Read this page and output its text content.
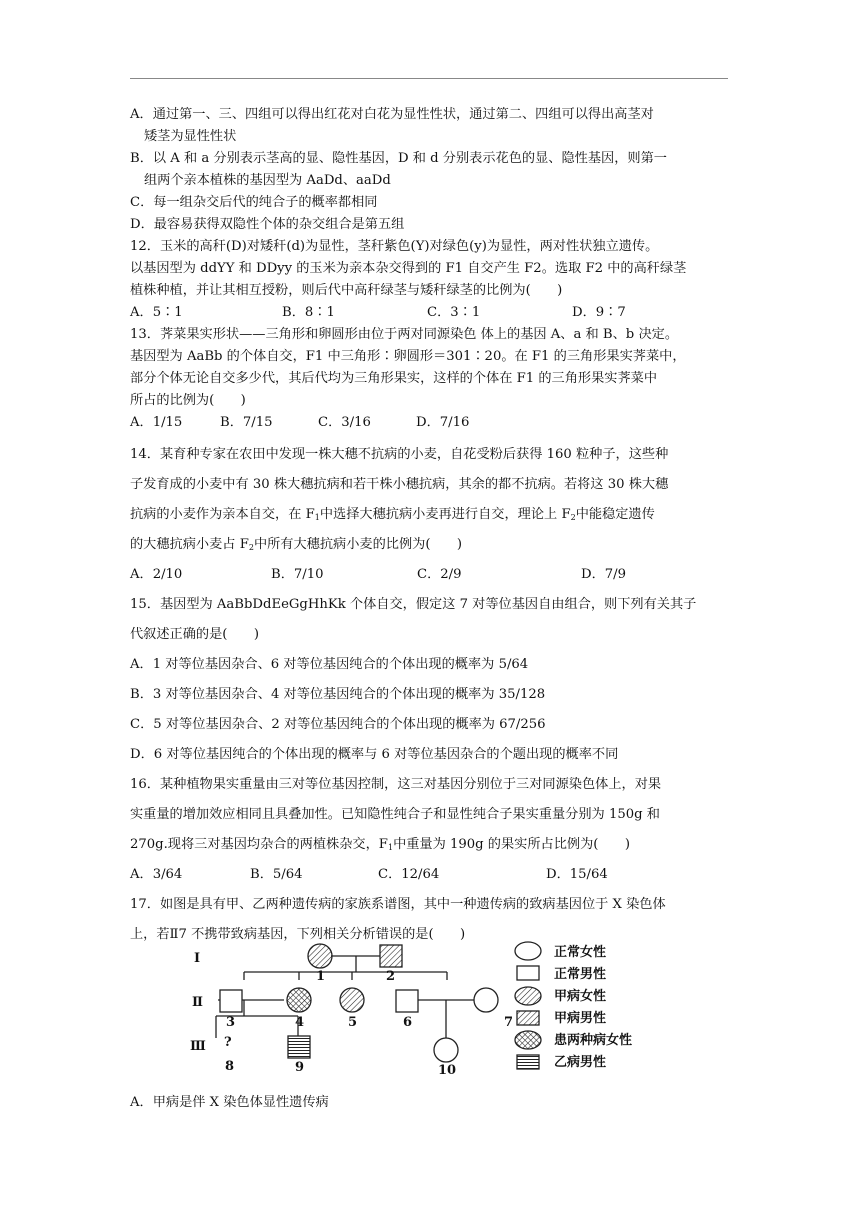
A．通过第一、三、四组可以得出红花对白花为显性性状，通过第二、四组可以得出高茎对
矮茎为显性性状
B．以 A 和 a 分别表示茎高的显、隐性基因，D 和 d 分别表示花色的显、隐性基因，则第一
组两个亲本植株的基因型为 AaDd、aaDd
C．每一组杂交后代的纯合子的概率都相同
D．最容易获得双隐性个体的杂交组合是第五组
12．玉米的高秆(D)对矮秆(d)为显性，茎秆紫色(Y)对绿色(y)为显性，两对性状独立遗传。
以基因型为 ddYY 和 DDyy 的玉米为亲本杂交得到的 F1 自交产生 F2。选取 F2 中的高秆绿茎
植株种植，并让其相互授粉，则后代中高秆绿茎与矮秆绿茎的比例为(　　)
A．5∶1	B．8∶1	C．3∶1	D．9∶7
13．荠菜果实形状——三角形和卵圆形由位于两对同源染色 体上的基因 A、a 和 B、b 决定。
基因型为 AaBb 的个体自交，F1 中三角形∶卵圆形＝301∶20。在 F1 的三角形果实荠菜中，
部分个体无论自交多少代，其后代均为三角形果实，这样的个体在 F1 的三角形果实荠菜中
所占的比例为(　　)
A．1/15	B．7/15	C．3/16	D．7/16
14．某育种专家在农田中发现一株大穗不抗病的小麦，自花受粉后获得 160 粒种子，这些种
子发育成的小麦中有 30 株大穗抗病和若干株小穗抗病，其余的都不抗病。若将这 30 株大穗
抗病的小麦作为亲本自交，在 $F_1$中选择大穗抗病小麦再进行自交，理论上 $F_2$中能稳定遗传
的大穗抗病小麦占 $F_2$中所有大穗抗病小麦的比例为(　　)
A．2/10	B．7/10	C．2/9	D．7/9
15．基因型为 AaBbDdEeGgHhKk 个体自交，假定这 7 对等位基因自由组合，则下列有关其子
代叙述正确的是(　　)
A．1 对等位基因杂合、6 对等位基因纯合的个体出现的概率为 5/64
B．3 对等位基因杂合、4 对等位基因纯合的个体出现的概率为 35/128
C．5 对等位基因杂合、2 对等位基因纯合的个体出现的概率为 67/256
D．6 对等位基因纯合的个体出现的概率与 6 对等位基因杂合的个题出现的概率不同
16．某种植物果实重量由三对等位基因控制，这三对基因分别位于三对同源染色体上，对果
实重量的增加效应相同且具叠加性。已知隐性纯合子和显性纯合子果实重量分别为 150g 和
270g.现将三对基因均杂合的两植株杂交，$F_1$中重量为 190g 的果实所占比例为(　　)
A．3/64	B．5/64	C．12/64	D．15/64
17．如图是具有甲、乙两种遗传病的家族系谱图，其中一种遗传病的致病基因位于 X 染色体
上，若Ⅱ7 不携带致病基因，下列相关分析错误的是(　　)
Ⅰ
Ⅱ
Ⅲ
1	2
3	4	5	6	7
?
8	9	10
正常女性
正常男性
甲病女性
甲病男性
患两种病女性
乙病男性
A．甲病是伴 X 染色体显性遗传病
